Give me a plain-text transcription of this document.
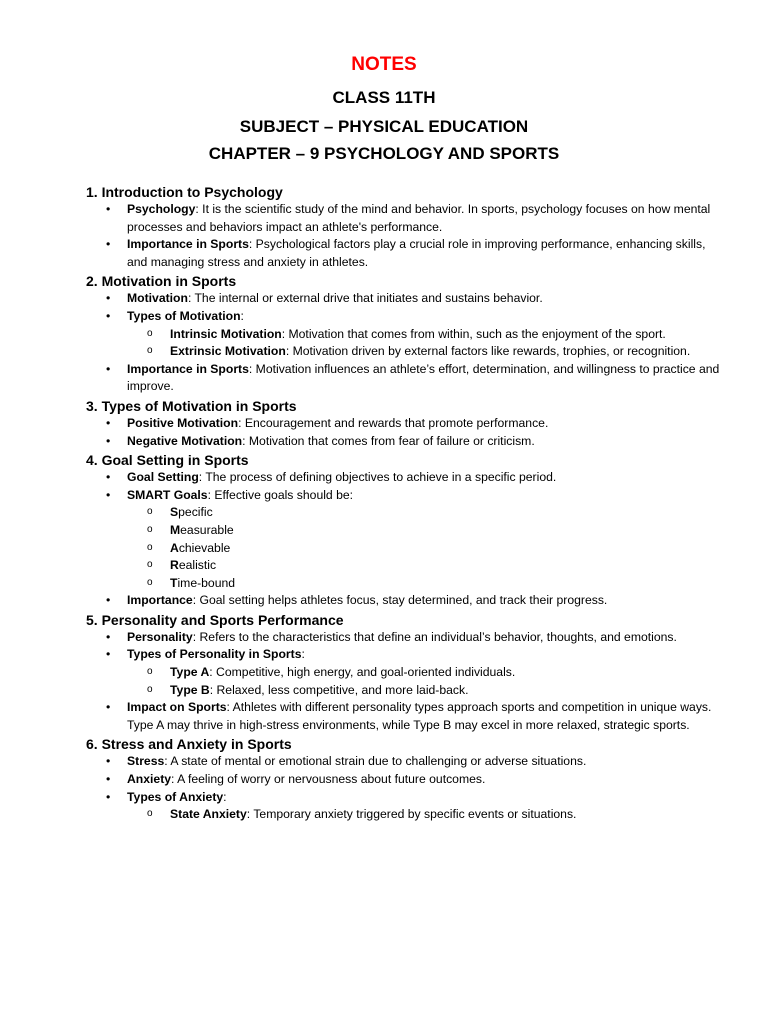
NOTES
CLASS 11TH
SUBJECT – PHYSICAL EDUCATION
CHAPTER – 9 PSYCHOLOGY AND SPORTS
1. Introduction to Psychology
• Psychology: It is the scientific study of the mind and behavior. In sports, psychology focuses on how mental processes and behaviors impact an athlete's performance.
• Importance in Sports: Psychological factors play a crucial role in improving performance, enhancing skills, and managing stress and anxiety in athletes.
2. Motivation in Sports
• Motivation: The internal or external drive that initiates and sustains behavior.
• Types of Motivation:
o Intrinsic Motivation: Motivation that comes from within, such as the enjoyment of the sport.
o Extrinsic Motivation: Motivation driven by external factors like rewards, trophies, or recognition.
• Importance in Sports: Motivation influences an athlete’s effort, determination, and willingness to practice and improve.
3. Types of Motivation in Sports
• Positive Motivation: Encouragement and rewards that promote performance.
• Negative Motivation: Motivation that comes from fear of failure or criticism.
4. Goal Setting in Sports
• Goal Setting: The process of defining objectives to achieve in a specific period.
• SMART Goals: Effective goals should be:
o Specific
o Measurable
o Achievable
o Realistic
o Time-bound
• Importance: Goal setting helps athletes focus, stay determined, and track their progress.
5. Personality and Sports Performance
• Personality: Refers to the characteristics that define an individual’s behavior, thoughts, and emotions.
• Types of Personality in Sports:
o Type A: Competitive, high energy, and goal-oriented individuals.
o Type B: Relaxed, less competitive, and more laid-back.
• Impact on Sports: Athletes with different personality types approach sports and competition in unique ways. Type A may thrive in high-stress environments, while Type B may excel in more relaxed, strategic sports.
6. Stress and Anxiety in Sports
• Stress: A state of mental or emotional strain due to challenging or adverse situations.
• Anxiety: A feeling of worry or nervousness about future outcomes.
• Types of Anxiety:
o State Anxiety: Temporary anxiety triggered by specific events or situations.
